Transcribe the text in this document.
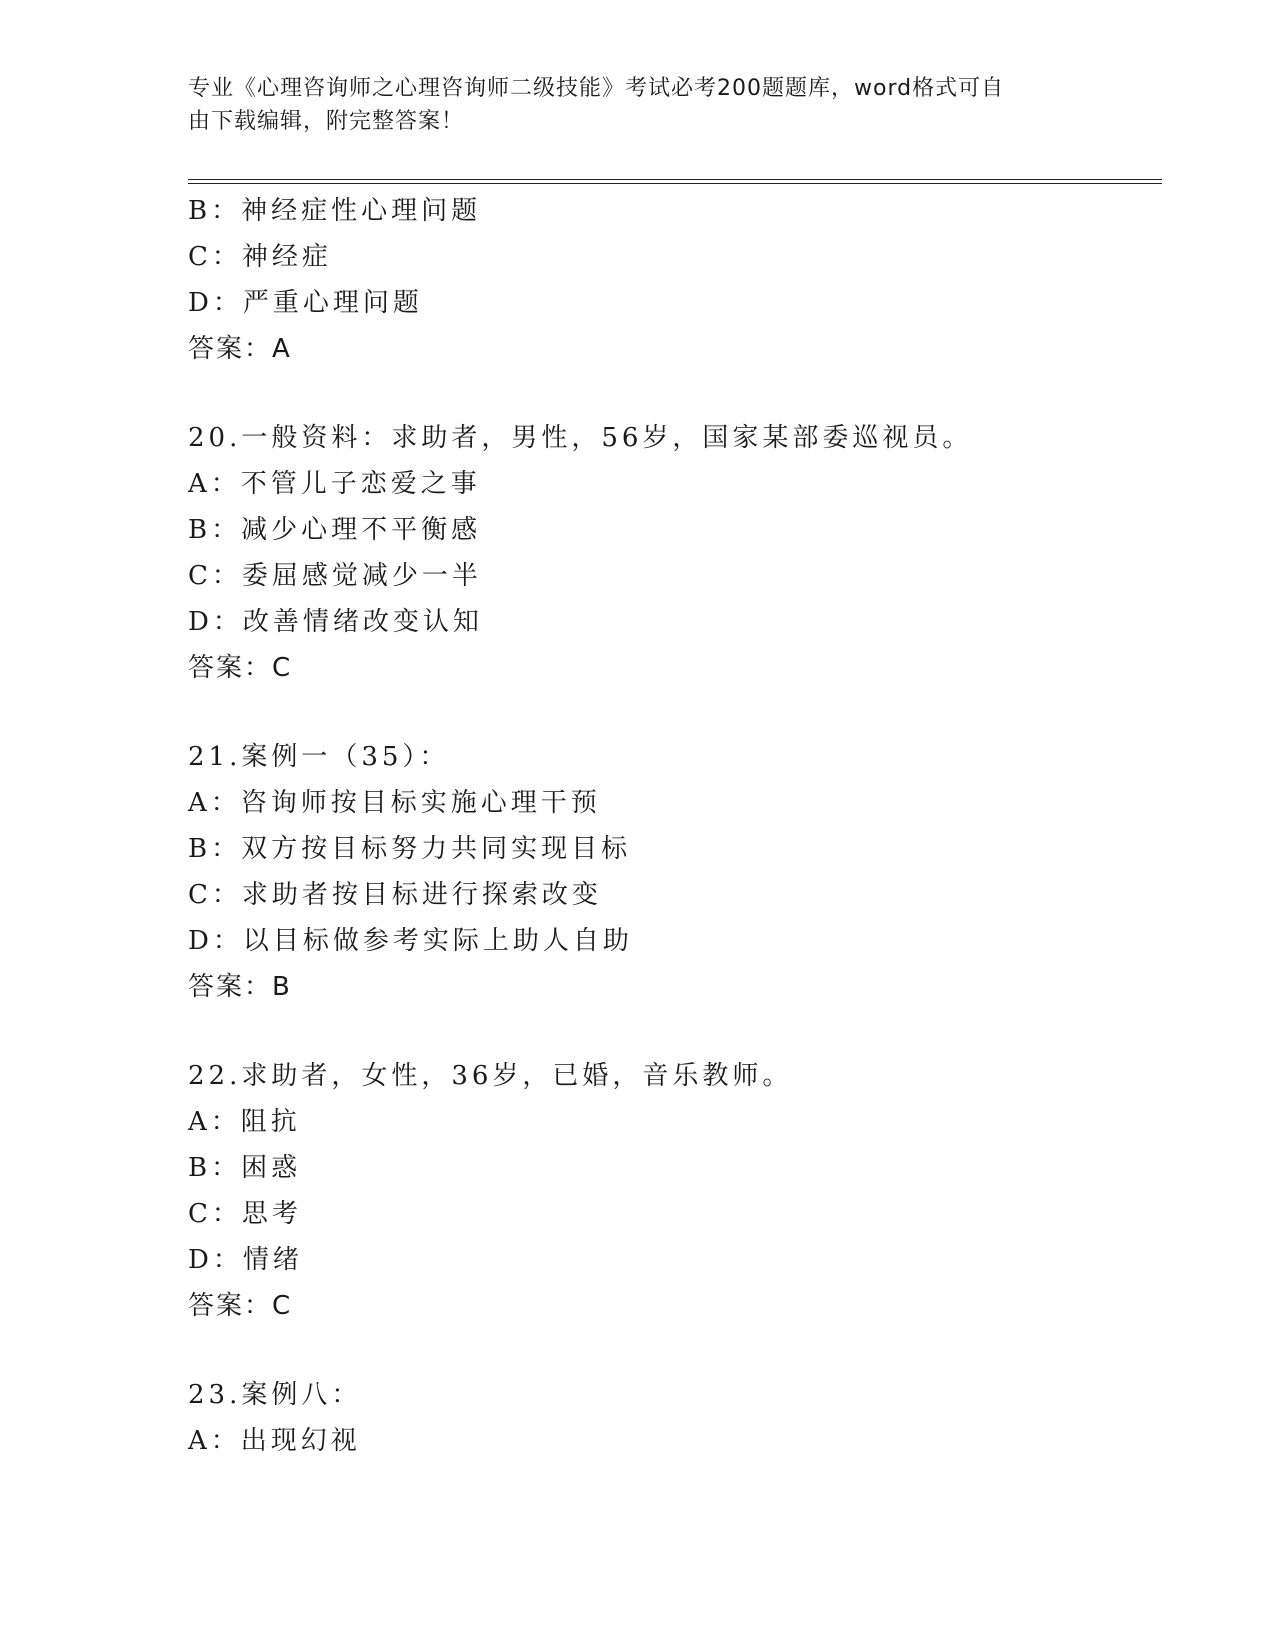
专业《心理咨询师之心理咨询师二级技能》考试必考200题题库，word格式可自
由下载编辑，附完整答案！
B：神经症性心理问题
C：神经症
D：严重心理问题
答案：A
20.一般资料：求助者，男性，56岁，国家某部委巡视员。
A：不管儿子恋爱之事
B：减少心理不平衡感
C：委屈感觉减少一半
D：改善情绪改变认知
答案：C
21.案例一（35）：
A：咨询师按目标实施心理干预
B：双方按目标努力共同实现目标
C：求助者按目标进行探索改变
D：以目标做参考实际上助人自助
答案：B
22.求助者，女性，36岁，已婚，音乐教师。
A：阻抗
B：困惑
C：思考
D：情绪
答案：C
23.案例八：
A：出现幻视
